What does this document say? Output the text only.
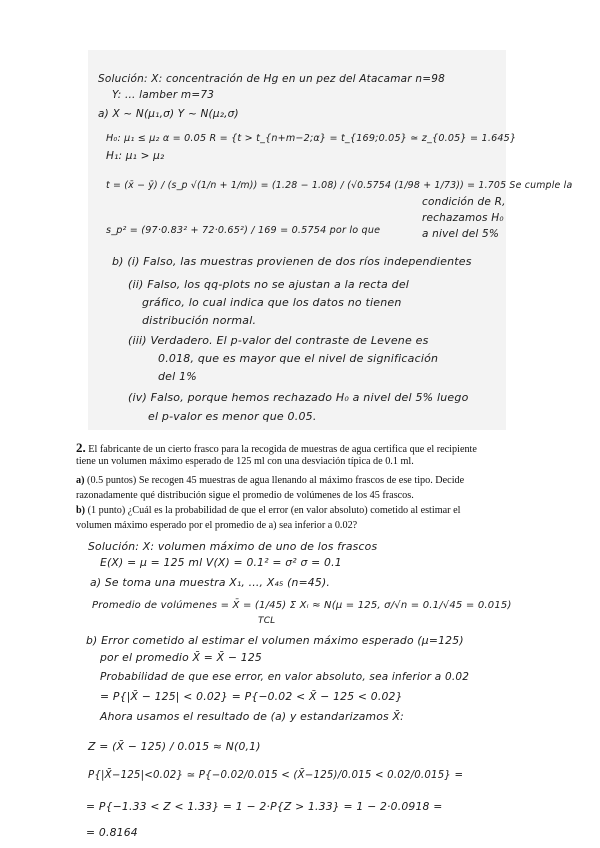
Solución: X: concentración de Hg en un pez del Atacamar n=98
Y: ... lamber m=73
a) X ~ N(μ₁,σ) Y ~ N(μ₂,σ)
H₀: μ₁ ≤ μ₂ α = 0.05 R = {t > t_{n+m−2;α} = t_{169;0.05} ≃ z_{0.05} = 1.645}
H₁: μ₁ > μ₂
t = (x̄ − ȳ) / (s_p √(1/n + 1/m)) = (1.28 − 1.08) / (√0.5754 (1/98 + 1/73)) = 1.705 Se cumple la
condición de R,
s_p² = (97·0.83² + 72·0.65²) / 169 = 0.5754 por lo que
rechazamos H₀
a nivel del 5%
b) (i) Falso, las muestras provienen de dos ríos independientes
(ii) Falso, los qq-plots no se ajustan a la recta del
gráfico, lo cual indica que los datos no tienen
distribución normal.
(iii) Verdadero. El p-valor del contraste de Levene es
0.018, que es mayor que el nivel de significación
del 1%
(iv) Falso, porque hemos rechazado H₀ a nivel del 5% luego
el p-valor es menor que 0.05.
2. El fabricante de un cierto frasco para la recogida de muestras de agua certifica que el recipiente
tiene un volumen máximo esperado de 125 ml con una desviación típica de 0.1 ml.
a) (0.5 puntos) Se recogen 45 muestras de agua llenando al máximo frascos de ese tipo. Decide
razonadamente qué distribución sigue el promedio de volúmenes de los 45 frascos.
b) (1 punto) ¿Cuál es la probabilidad de que el error (en valor absoluto) cometido al estimar el
volumen máximo esperado por el promedio de a) sea inferior a 0.02?
Solución: X: volumen máximo de uno de los frascos
E(X) = μ = 125 ml V(X) = 0.1² = σ² σ = 0.1
a) Se toma una muestra X₁, ..., X₄₅ (n=45).
Promedio de volúmenes = X̄ = (1/45) Σ Xᵢ ≈ N(μ = 125, σ/√n = 0.1/√45 = 0.015)
TCL
b) Error cometido al estimar el volumen máximo esperado (μ=125)
por el promedio X̄ = X̄ − 125
Probabilidad de que ese error, en valor absoluto, sea inferior a 0.02
= P{|X̄ − 125| < 0.02} = P{−0.02 < X̄ − 125 < 0.02}
Ahora usamos el resultado de (a) y estandarizamos X̄:
Z = (X̄ − 125) / 0.015 ≈ N(0,1)
P{|X̄−125|<0.02} ≃ P{−0.02/0.015 < (X̄−125)/0.015 < 0.02/0.015} =
= P{−1.33 < Z < 1.33} = 1 − 2·P{Z > 1.33} = 1 − 2·0.0918 =
= 0.8164
